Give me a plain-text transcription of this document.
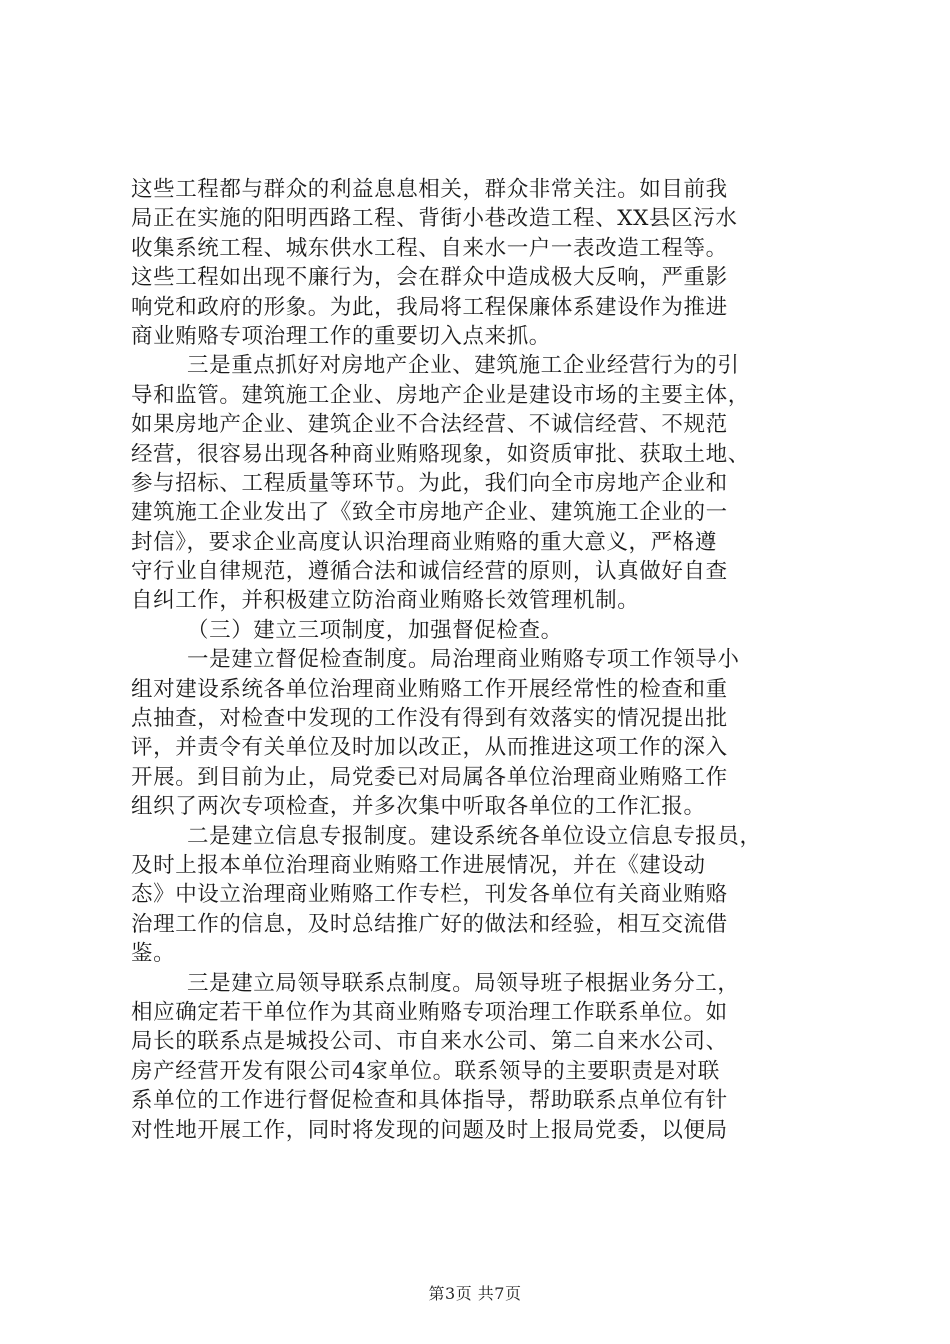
这些工程都与群众的利益息息相关，群众非常关注。如目前我
局正在实施的阳明西路工程、背街小巷改造工程、XX县区污水
收集系统工程、城东供水工程、自来水一户一表改造工程等。
这些工程如出现不廉行为，会在群众中造成极大反响，严重影
响党和政府的形象。为此，我局将工程保廉体系建设作为推进
商业贿赂专项治理工作的重要切入点来抓。
三是重点抓好对房地产企业、建筑施工企业经营行为的引
导和监管。建筑施工企业、房地产企业是建设市场的主要主体，
如果房地产企业、建筑企业不合法经营、不诚信经营、不规范
经营，很容易出现各种商业贿赂现象，如资质审批、获取土地、
参与招标、工程质量等环节。为此，我们向全市房地产企业和
建筑施工企业发出了《致全市房地产企业、建筑施工企业的一
封信》，要求企业高度认识治理商业贿赂的重大意义，严格遵
守行业自律规范，遵循合法和诚信经营的原则，认真做好自查
自纠工作，并积极建立防治商业贿赂长效管理机制。
（三）建立三项制度，加强督促检查。
一是建立督促检查制度。局治理商业贿赂专项工作领导小
组对建设系统各单位治理商业贿赂工作开展经常性的检查和重
点抽查，对检查中发现的工作没有得到有效落实的情况提出批
评，并责令有关单位及时加以改正，从而推进这项工作的深入
开展。到目前为止，局党委已对局属各单位治理商业贿赂工作
组织了两次专项检查，并多次集中听取各单位的工作汇报。
二是建立信息专报制度。建设系统各单位设立信息专报员，
及时上报本单位治理商业贿赂工作进展情况，并在《建设动
态》中设立治理商业贿赂工作专栏，刊发各单位有关商业贿赂
治理工作的信息，及时总结推广好的做法和经验，相互交流借
鉴。
三是建立局领导联系点制度。局领导班子根据业务分工，
相应确定若干单位作为其商业贿赂专项治理工作联系单位。如
局长的联系点是城投公司、市自来水公司、第二自来水公司、
房产经营开发有限公司4家单位。联系领导的主要职责是对联
系单位的工作进行督促检查和具体指导，帮助联系点单位有针
对性地开展工作，同时将发现的问题及时上报局党委，以便局
第3页 共7页
